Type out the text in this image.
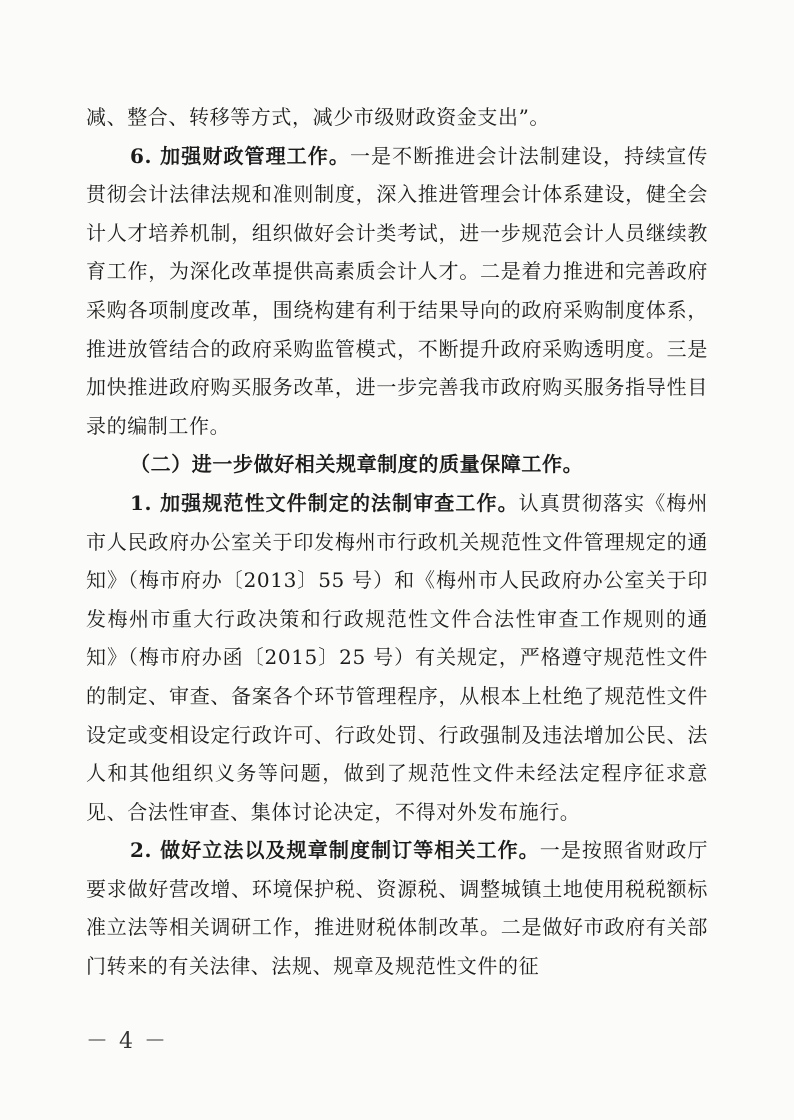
减、整合、转移等方式，减少市级财政资金支出”。

6. 加强财政管理工作。一是不断推进会计法制建设，持续宣传贯彻会计法律法规和准则制度，深入推进管理会计体系建设，健全会计人才培养机制，组织做好会计类考试，进一步规范会计人员继续教育工作，为深化改革提供高素质会计人才。二是着力推进和完善政府采购各项制度改革，围绕构建有利于结果导向的政府采购制度体系，推进放管结合的政府采购监管模式，不断提升政府采购透明度。三是加快推进政府购买服务改革，进一步完善我市政府购买服务指导性目录的编制工作。

（二）进一步做好相关规章制度的质量保障工作。

1. 加强规范性文件制定的法制审查工作。认真贯彻落实《梅州市人民政府办公室关于印发梅州市行政机关规范性文件管理规定的通知》（梅市府办〔2013〕55 号）和《梅州市人民政府办公室关于印发梅州市重大行政决策和行政规范性文件合法性审查工作规则的通知》（梅市府办函〔2015〕25 号）有关规定，严格遵守规范性文件的制定、审查、备案各个环节管理程序，从根本上杜绝了规范性文件设定或变相设定行政许可、行政处罚、行政强制及违法增加公民、法人和其他组织义务等问题，做到了规范性文件未经法定程序征求意见、合法性审查、集体讨论决定，不得对外发布施行。

2. 做好立法以及规章制度制订等相关工作。一是按照省财政厅要求做好营改增、环境保护税、资源税、调整城镇土地使用税税额标准立法等相关调研工作，推进财税体制改革。二是做好市政府有关部门转来的有关法律、法规、规章及规范性文件的征

－ 4 －
